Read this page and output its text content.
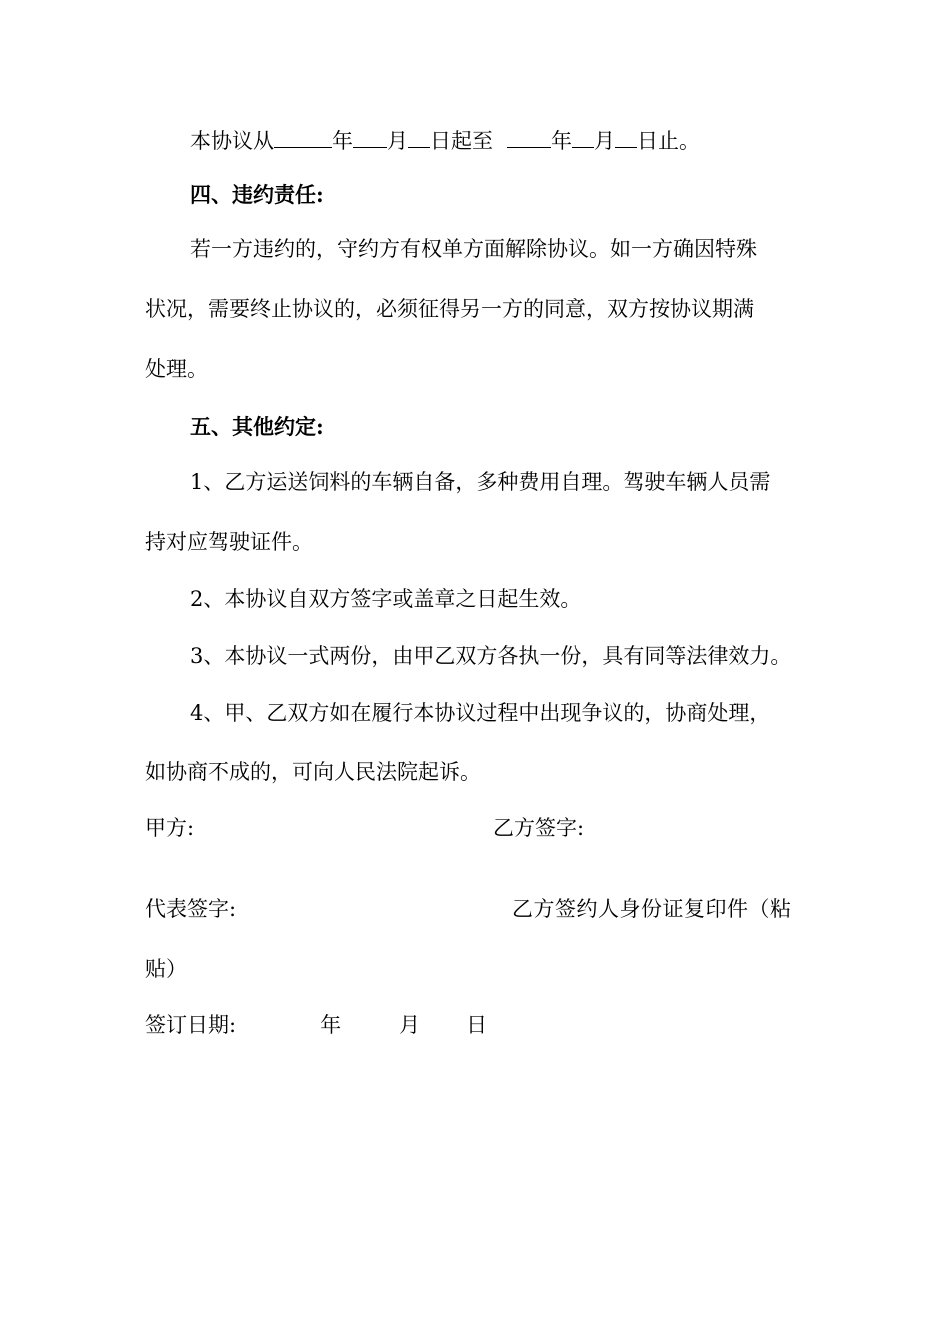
本协议从	年 月 日起至	年 月 日止。
四、违约责任:
若一方违约的，守约方有权单方面解除协议。如一方确因特殊
状况，需要终止协议的，必须征得另一方的同意，双方按协议期满
处理。
五、其他约定:
1、乙方运送饲料的车辆自备，多种费用自理。驾驶车辆人员需
持对应驾驶证件。
2、本协议自双方签字或盖章之日起生效。
3、本协议一式两份，由甲乙双方各执一份，具有同等法律效力。
4、甲、乙双方如在履行本协议过程中出现争议的，协商处理，
如协商不成的，可向人民法院起诉。
甲方:	乙方签字:
代表签字:	乙方签约人身份证复印件（粘
贴）
签订日期:	年	月 日
